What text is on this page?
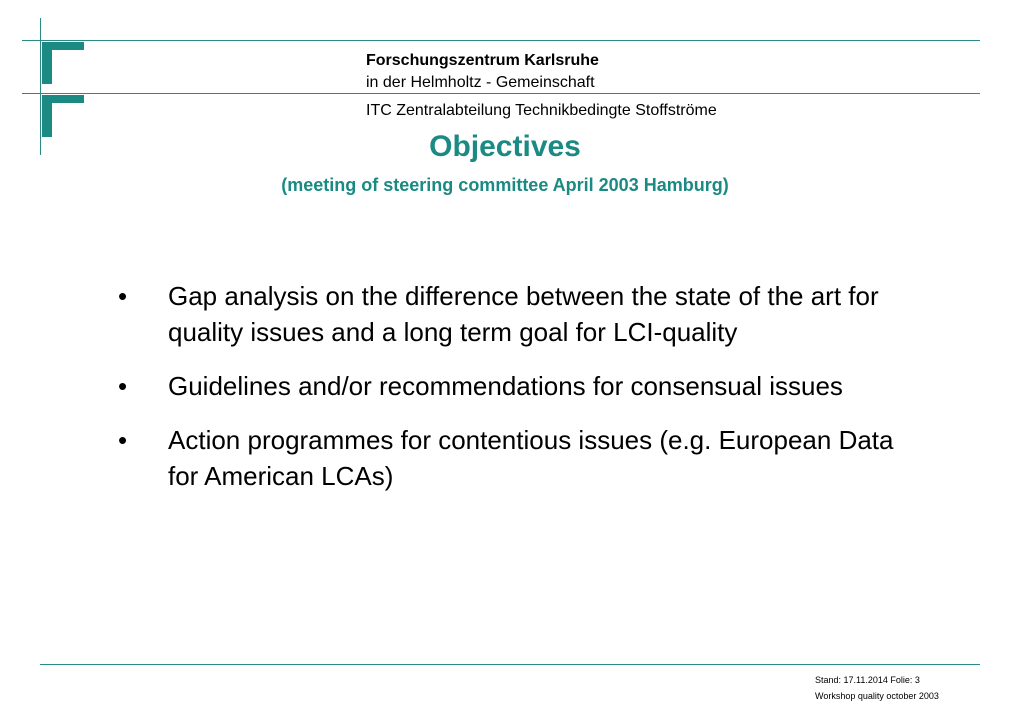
Forschungszentrum Karlsruhe
in der Helmholtz - Gemeinschaft
ITC Zentralabteilung Technikbedingte Stoffströme
Objectives
(meeting of steering committee April 2003 Hamburg)
•	Gap analysis on the difference between the state of the art for quality issues and a long term goal for LCI-quality
•	Guidelines and/or recommendations for consensual issues
•	Action programmes for contentious issues (e.g. European Data for American LCAs)
Stand: 17.11.2014 Folie: 3
Workshop quality october 2003
